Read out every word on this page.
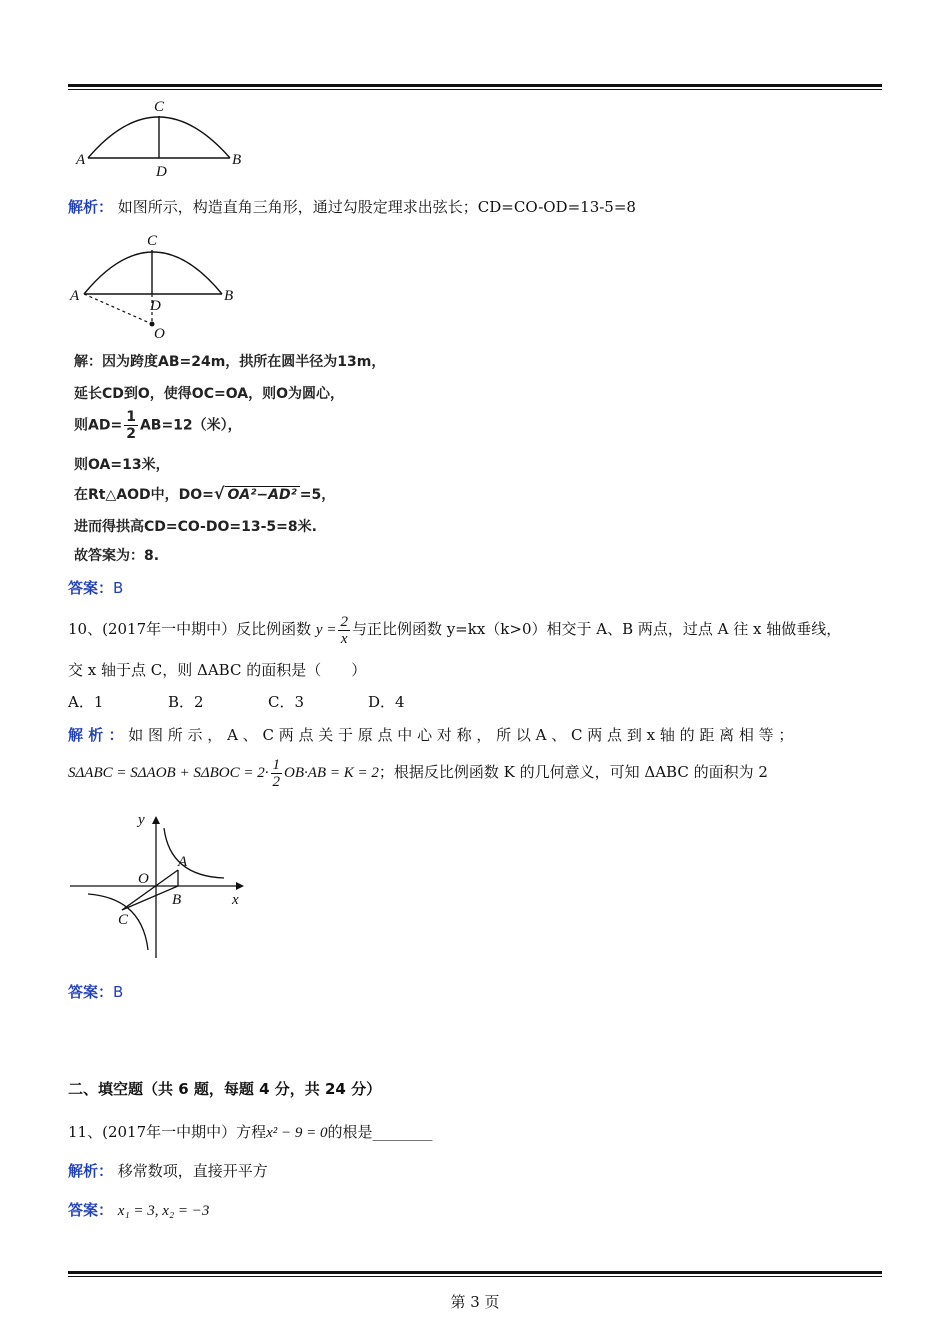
A	B
C
D
解析： 如图所示，构造直角三角形，通过勾股定理求出弦长；CD=CO-OD=13-5=8
A	B
C
D
O
解：因为跨度AB=24m，拱所在圆半径为13m，
延长CD到O，使得OC=OA，则O为圆心，
则$AD= \frac{1}{2} AB=12$（米），
则OA=13米，
在Rt△AOD中，DO=√ OA²−AD² =5，
进而得拱高CD=CO-DO=13-5=8米.
故答案为：8.
答案：B
10、(2017年一中期中）反比例函数 $y = \frac{2}{x}$ 与正比例函数 y=kx（k>0）相交于 A、B 两点，过点 A 往 x 轴做垂线，
交 x 轴于点 C，则 ΔABC 的面积是（　　）
A．1	B．2	C．3	D．4
解 析 ： 如 图 所 示 ， A 、 C 两 点 关 于 原 点 中 心 对 称 ， 所 以 A 、 C 两 点 到 x 轴 的 距 离 相 等 ；
$S\Delta ABC = S\Delta AOB + S\Delta BOC = 2\cdot \frac{1}{2} OB\cdot AB = K = 2$；根据反比例函数 K 的几何意义，可知 ΔABC 的面积为 2
y
x
O
A
B
C
答案：B
二、填空题（共 6 题，每题 4 分，共 24 分）
11、(2017年一中期中）方程x² − 9 = 0的根是________
解析： 移常数项，直接开平方
答案： x₁ = 3, x₂ = −3
第 3 页
